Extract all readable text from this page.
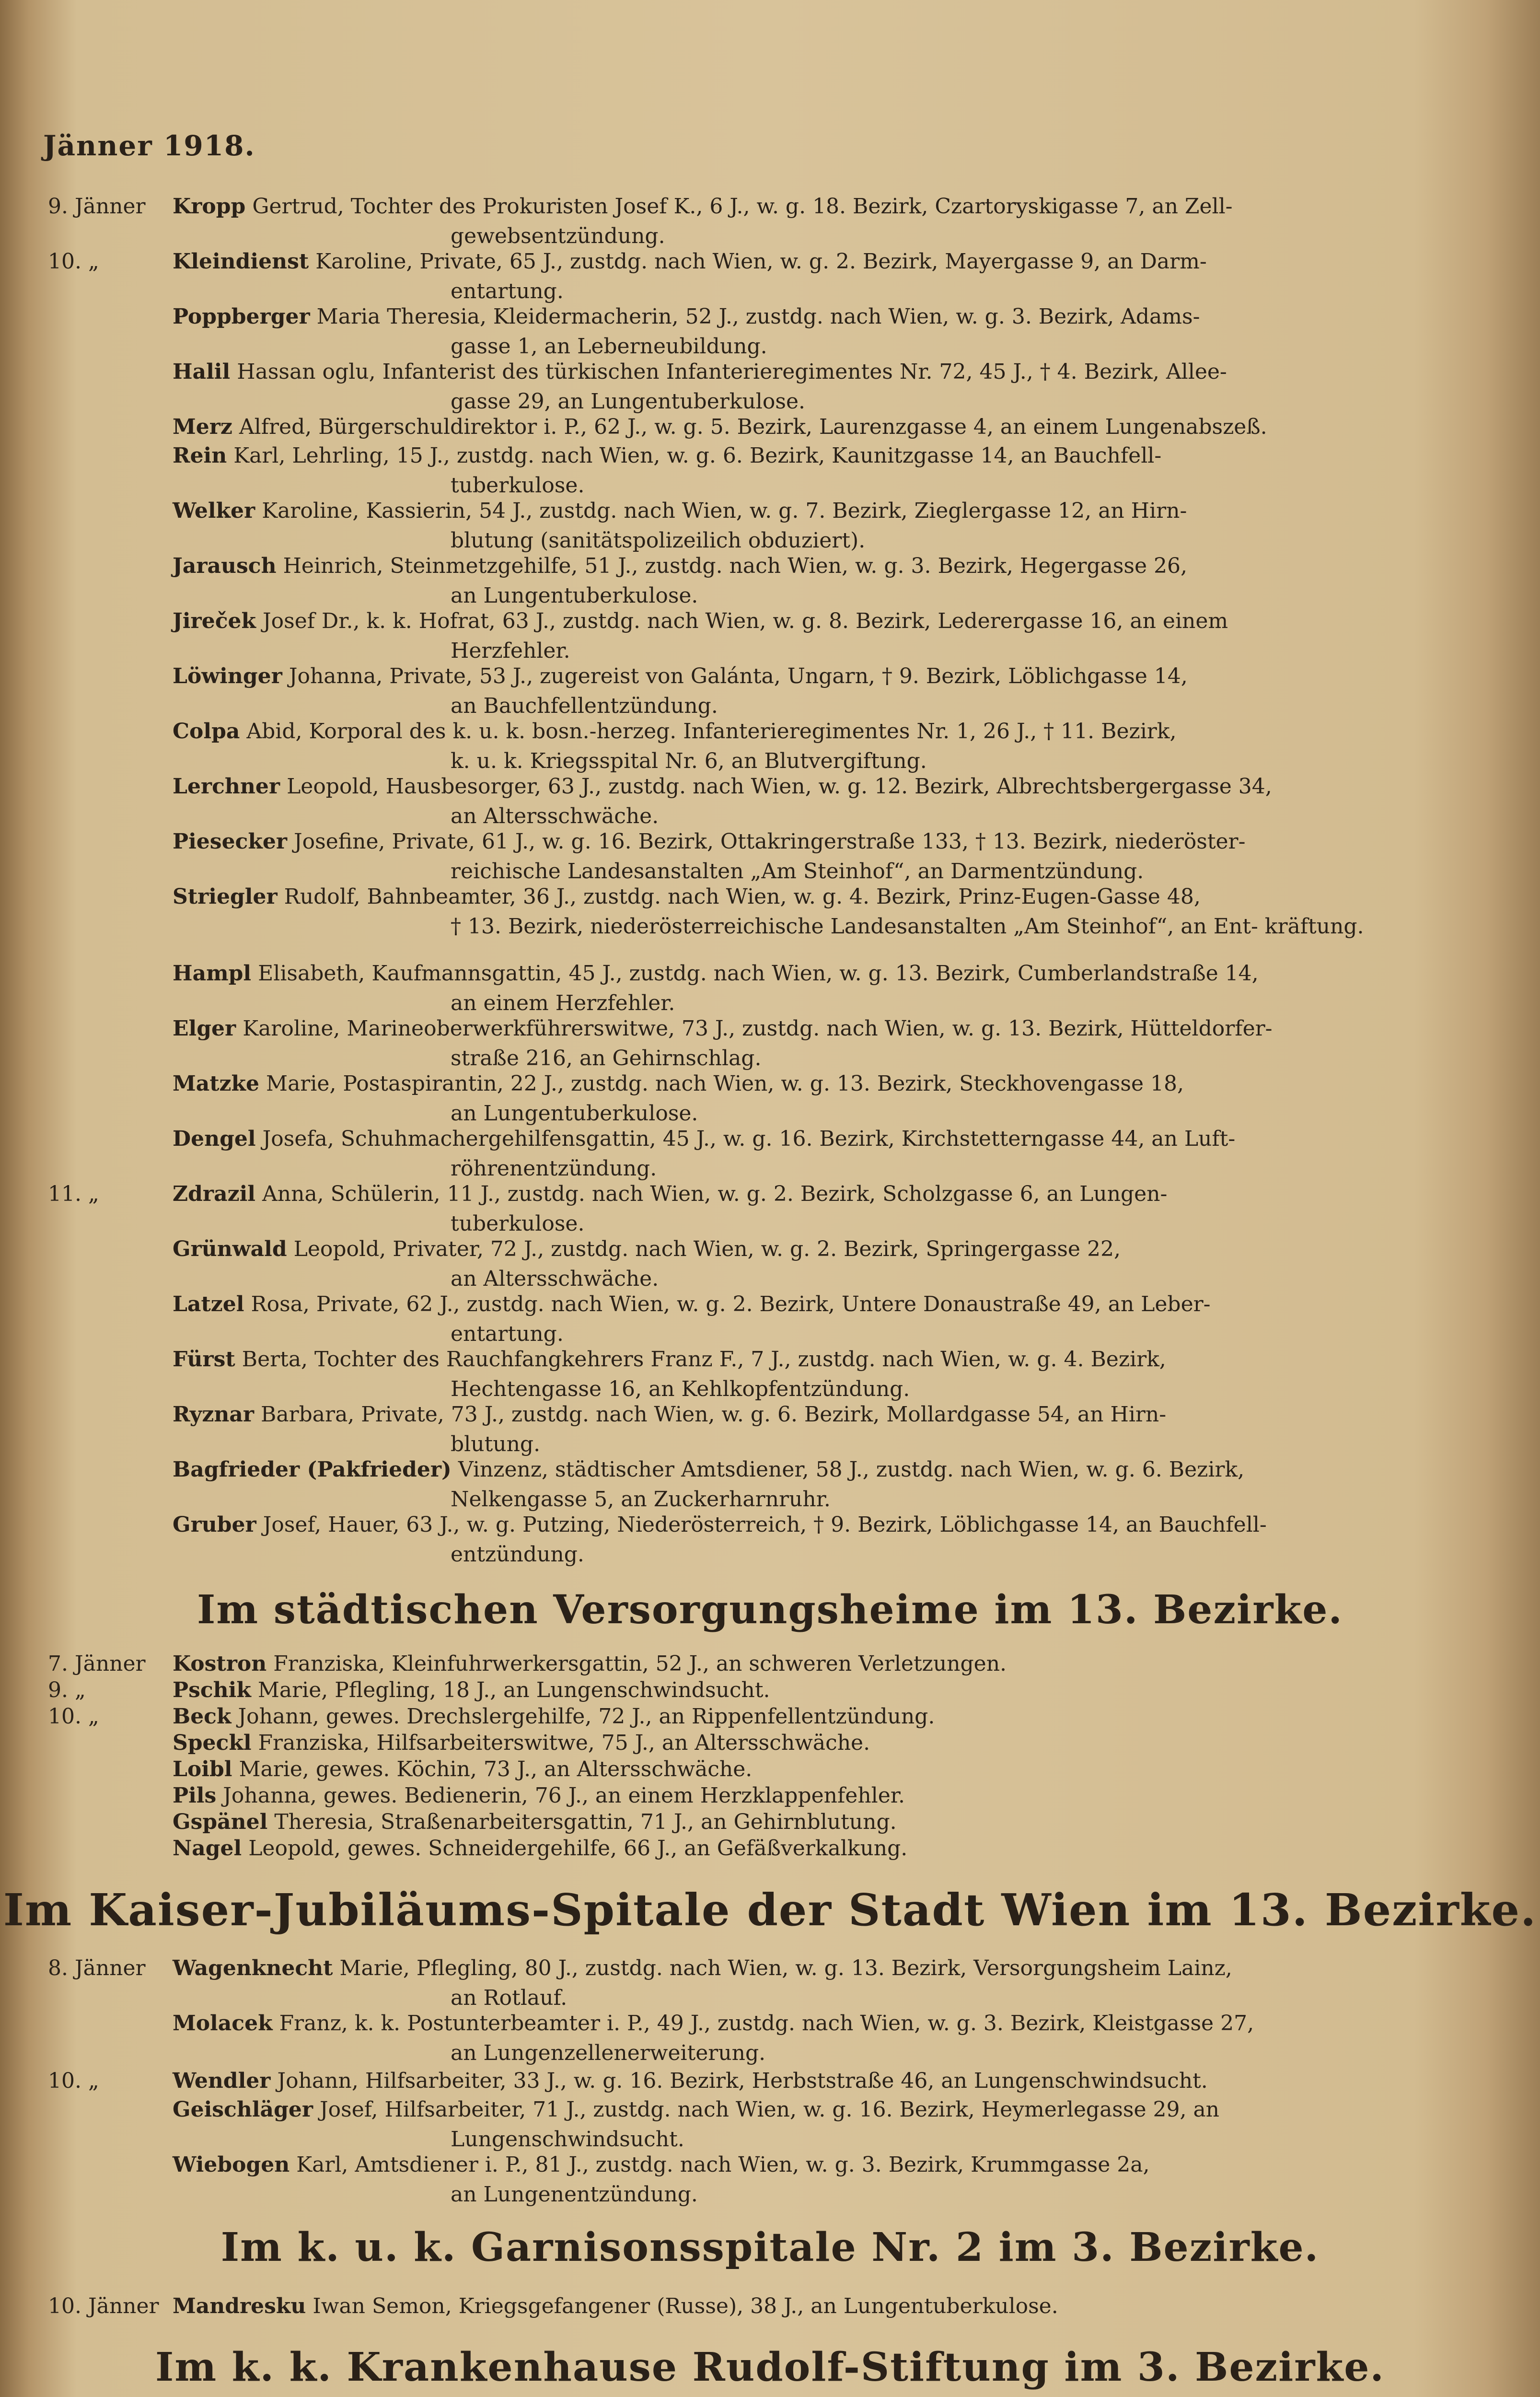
Jänner 1918.
9. Jänner Kropp Gertrud, Tochter des Prokuristen Josef K., 6 J., w. g. 18. Bezirk, Czartoryskigasse 7, an Zell-
gewebsentzündung.
10. „	Kleindienst Karoline, Private, 65 J., zustdg. nach Wien, w. g. 2. Bezirk, Mayergasse 9, an Darm-
entartung.
Poppberger Maria Theresia, Kleidermacherin, 52 J., zustdg. nach Wien, w. g. 3. Bezirk, Adams-
gasse 1, an Leberneubildung.
Halil Hassan oglu, Infanterist des türkischen Infanterieregimentes Nr. 72, 45 J., † 4. Bezirk, Allee-
gasse 29, an Lungentuberkulose.
Merz Alfred, Bürgerschuldirektor i. P., 62 J., w. g. 5. Bezirk, Laurenzgasse 4, an einem Lungenabszeß.
Rein Karl, Lehrling, 15 J., zustdg. nach Wien, w. g. 6. Bezirk, Kaunitzgasse 14, an Bauchfell-
tuberkulose.
Welker Karoline, Kassierin, 54 J., zustdg. nach Wien, w. g. 7. Bezirk, Zieglergasse 12, an Hirn-
blutung (sanitätspolizeilich obduziert).
Jarausch Heinrich, Steinmetzgehilfe, 51 J., zustdg. nach Wien, w. g. 3. Bezirk, Hegergasse 26,
an Lungentuberkulose.
Jireček Josef Dr., k. k. Hofrat, 63 J., zustdg. nach Wien, w. g. 8. Bezirk, Lederergasse 16, an einem
Herzfehler.
Löwinger Johanna, Private, 53 J., zugereist von Galánta, Ungarn, † 9. Bezirk, Löblichgasse 14,
an Bauchfellentzündung.
Colpa Abid, Korporal des k. u. k. bosn.-herzeg. Infanterieregimentes Nr. 1, 26 J., † 11. Bezirk,
k. u. k. Kriegsspital Nr. 6, an Blutvergiftung.
Lerchner Leopold, Hausbesorger, 63 J., zustdg. nach Wien, w. g. 12. Bezirk, Albrechtsbergergasse 34,
an Altersschwäche.
Piesecker Josefine, Private, 61 J., w. g. 16. Bezirk, Ottakringerstraße 133, † 13. Bezirk, niederöster-
reichische Landesanstalten „Am Steinhof“, an Darmentzündung.
Striegler Rudolf, Bahnbeamter, 36 J., zustdg. nach Wien, w. g. 4. Bezirk, Prinz-Eugen-Gasse 48,
† 13. Bezirk, niederösterreichische Landesanstalten „Am Steinhof“, an Ent- kräftung.
Hampl Elisabeth, Kaufmannsgattin, 45 J., zustdg. nach Wien, w. g. 13. Bezirk, Cumberlandstraße 14,
an einem Herzfehler.
Elger Karoline, Marineoberwerkführerswitwe, 73 J., zustdg. nach Wien, w. g. 13. Bezirk, Hütteldorfer-
straße 216, an Gehirnschlag.
Matzke Marie, Postaspirantin, 22 J., zustdg. nach Wien, w. g. 13. Bezirk, Steckhovengasse 18,
an Lungentuberkulose.
Dengel Josefa, Schuhmachergehilfensgattin, 45 J., w. g. 16. Bezirk, Kirchstetterngasse 44, an Luft-
röhrenentzündung.
11. „	Zdrazil Anna, Schülerin, 11 J., zustdg. nach Wien, w. g. 2. Bezirk, Scholzgasse 6, an Lungen-
tuberkulose.
Grünwald Leopold, Privater, 72 J., zustdg. nach Wien, w. g. 2. Bezirk, Springergasse 22,
an Altersschwäche.
Latzel Rosa, Private, 62 J., zustdg. nach Wien, w. g. 2. Bezirk, Untere Donaustraße 49, an Leber-
entartung.
Fürst Berta, Tochter des Rauchfangkehrers Franz F., 7 J., zustdg. nach Wien, w. g. 4. Bezirk,
Hechtengasse 16, an Kehlkopfentzündung.
Ryznar Barbara, Private, 73 J., zustdg. nach Wien, w. g. 6. Bezirk, Mollardgasse 54, an Hirn-
blutung.
Bagfrieder (Pakfrieder) Vinzenz, städtischer Amtsdiener, 58 J., zustdg. nach Wien, w. g. 6. Bezirk,
Nelkengasse 5, an Zuckerharnruhr.
Gruber Josef, Hauer, 63 J., w. g. Putzing, Niederösterreich, † 9. Bezirk, Löblichgasse 14, an Bauchfell-
entzündung.
Im städtischen Versorgungsheime im 13. Bezirke.
7. Jänner Kostron Franziska, Kleinfuhrwerkersgattin, 52 J., an schweren Verletzungen.
9. „	Pschik Marie, Pflegling, 18 J., an Lungenschwindsucht.
10. „	Beck Johann, gewes. Drechslergehilfe, 72 J., an Rippenfellentzündung.
Speckl Franziska, Hilfsarbeiterswitwe, 75 J., an Altersschwäche.
Loibl Marie, gewes. Köchin, 73 J., an Altersschwäche.
Pils Johanna, gewes. Bedienerin, 76 J., an einem Herzklappenfehler.
Gspänel Theresia, Straßenarbeitersgattin, 71 J., an Gehirnblutung.
Nagel Leopold, gewes. Schneidergehilfe, 66 J., an Gefäßverkalkung.
Im Kaiser-Jubiläums-Spitale der Stadt Wien im 13. Bezirke.
8. Jänner Wagenknecht Marie, Pflegling, 80 J., zustdg. nach Wien, w. g. 13. Bezirk, Versorgungsheim Lainz,
an Rotlauf.
Molacek Franz, k. k. Postunterbeamter i. P., 49 J., zustdg. nach Wien, w. g. 3. Bezirk, Kleistgasse 27,
an Lungenzellenerweiterung.
10. „	Wendler Johann, Hilfsarbeiter, 33 J., w. g. 16. Bezirk, Herbststraße 46, an Lungenschwindsucht.
Geischläger Josef, Hilfsarbeiter, 71 J., zustdg. nach Wien, w. g. 16. Bezirk, Heymerlegasse 29, an
Lungenschwindsucht.
Wiebogen Karl, Amtsdiener i. P., 81 J., zustdg. nach Wien, w. g. 3. Bezirk, Krummgasse 2a,
an Lungenentzündung.
Im k. u. k. Garnisonsspitale Nr. 2 im 3. Bezirke.
10. Jänner Mandresku Iwan Semon, Kriegsgefangener (Russe), 38 J., an Lungentuberkulose.
Im k. k. Krankenhause Rudolf-Stiftung im 3. Bezirke.
